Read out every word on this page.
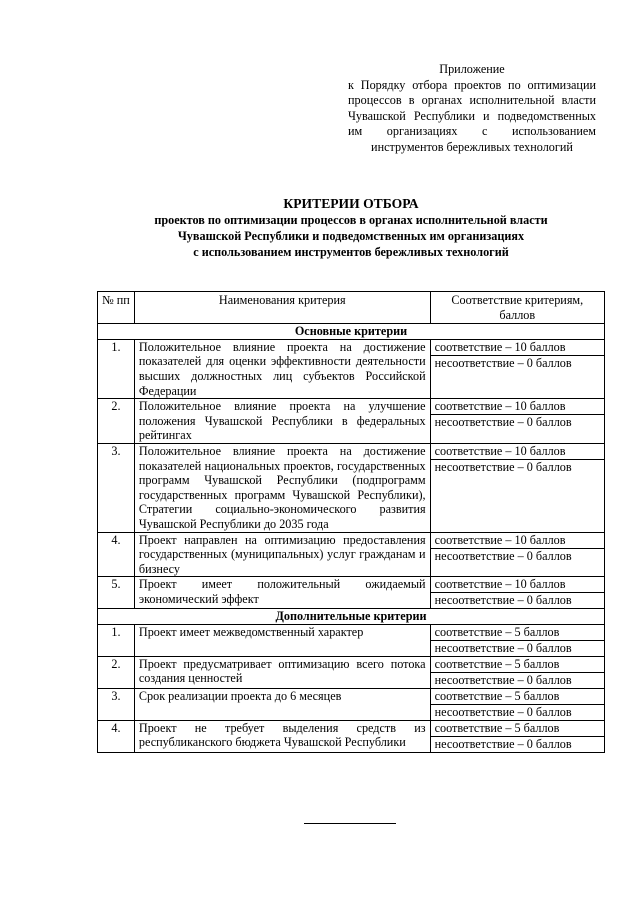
Приложение
к Порядку отбора проектов по оптимизации процессов в органах исполнительной власти Чувашской Республики и подведомственных им организациях с использованием инструментов бережливых технологий
КРИТЕРИИ ОТБОРА
проектов по оптимизации процессов в органах исполнительной власти
Чувашской Республики и подведомственных им организациях
с использованием инструментов бережливых технологий
№ пп	Наименования критерия	Соответствие критериям, баллов
Основные критерии		
1.	Положительное влияние проекта на достижение показателей для оценки эффективности деятельности высших должностных лиц субъектов Российской Федерации	соответствие – 10 баллов
несоответствие – 0 баллов

2.	Положительное влияние проекта на улучшение положения Чувашской Республики в федеральных рейтингах	соответствие – 10 баллов
несоответствие – 0 баллов

3.	Положительное влияние проекта на достижение показателей национальных проектов, государственных программ Чувашской Республики (подпрограмм государственных программ Чувашской Республики), Стратегии социально-экономического развития Чувашской Республики до 2035 года	соответствие – 10 баллов
несоответствие – 0 баллов

4.	Проект направлен на оптимизацию предоставления государственных (муниципальных) услуг гражданам и бизнесу	соответствие – 10 баллов
несоответствие – 0 баллов

5.	Проект имеет положительный ожидаемый экономический эффект	соответствие – 10 баллов
несоответствие – 0 баллов

Дополнительные критерии		
1.	Проект имеет межведомственный характер	соответствие – 5 баллов
несоответствие – 0 баллов

2.	Проект предусматривает оптимизацию всего потока создания ценностей	соответствие – 5 баллов
несоответствие – 0 баллов

3.	Срок реализации проекта до 6 месяцев	соответствие – 5 баллов
несоответствие – 0 баллов

4.	Проект не требует выделения средств из республиканского бюджета Чувашской Республики	соответствие – 5 баллов
несоответствие – 0 баллов
